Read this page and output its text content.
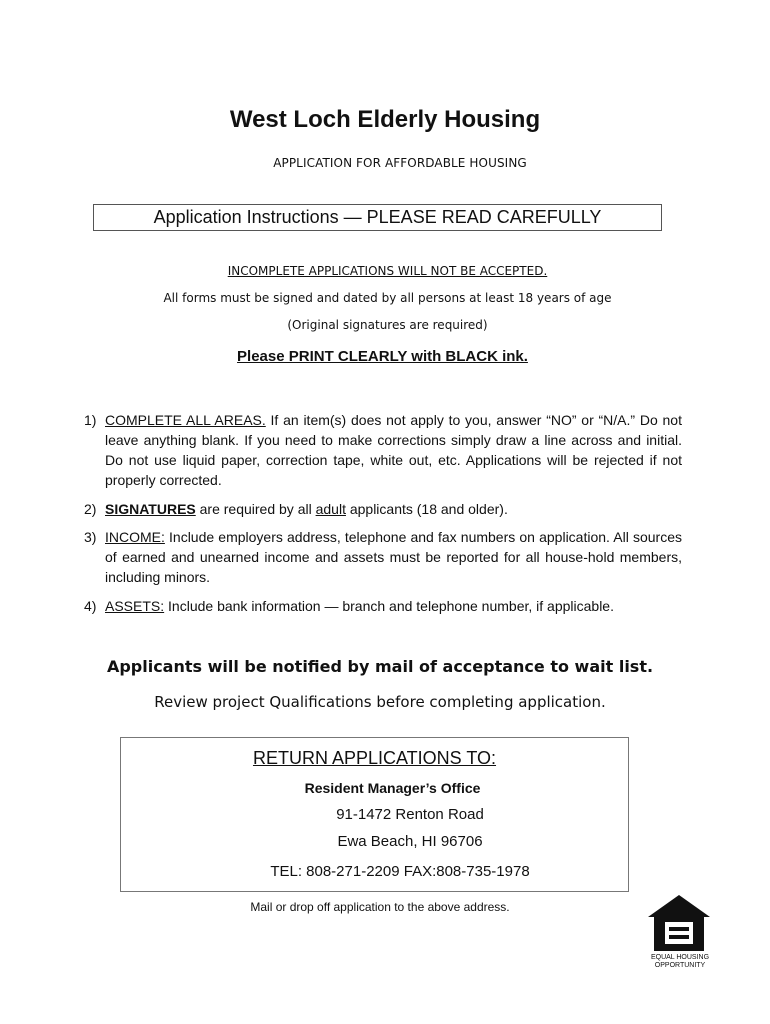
West Loch Elderly Housing
APPLICATION FOR AFFORDABLE HOUSING
Application Instructions — PLEASE READ CAREFULLY
INCOMPLETE APPLICATIONS WILL NOT BE ACCEPTED.
All forms must be signed and dated by all persons at least 18 years of age
(Original signatures are required)
Please PRINT CLEARLY with BLACK ink.
1) COMPLETE ALL AREAS. If an item(s) does not apply to you, answer “NO” or “N/A.” Do not leave anything blank. If you need to make corrections simply draw a line across and initial. Do not use liquid paper, correction tape, white out, etc. Applications will be rejected if not properly corrected.
2) SIGNATURES are required by all adult applicants (18 and older).
3) INCOME: Include employers address, telephone and fax numbers on application. All sources of earned and unearned income and assets must be reported for all house-hold members, including minors.
4) ASSETS: Include bank information — branch and telephone number, if applicable.
Applicants will be notified by mail of acceptance to wait list.
Review project Qualifications before completing application.
RETURN APPLICATIONS TO:
Resident Manager’s Office
91-1472 Renton Road
Ewa Beach, HI 96706
TEL: 808-271-2209 FAX:808-735-1978
Mail or drop off application to the above address.
EQUAL HOUSING
OPPORTUNITY
